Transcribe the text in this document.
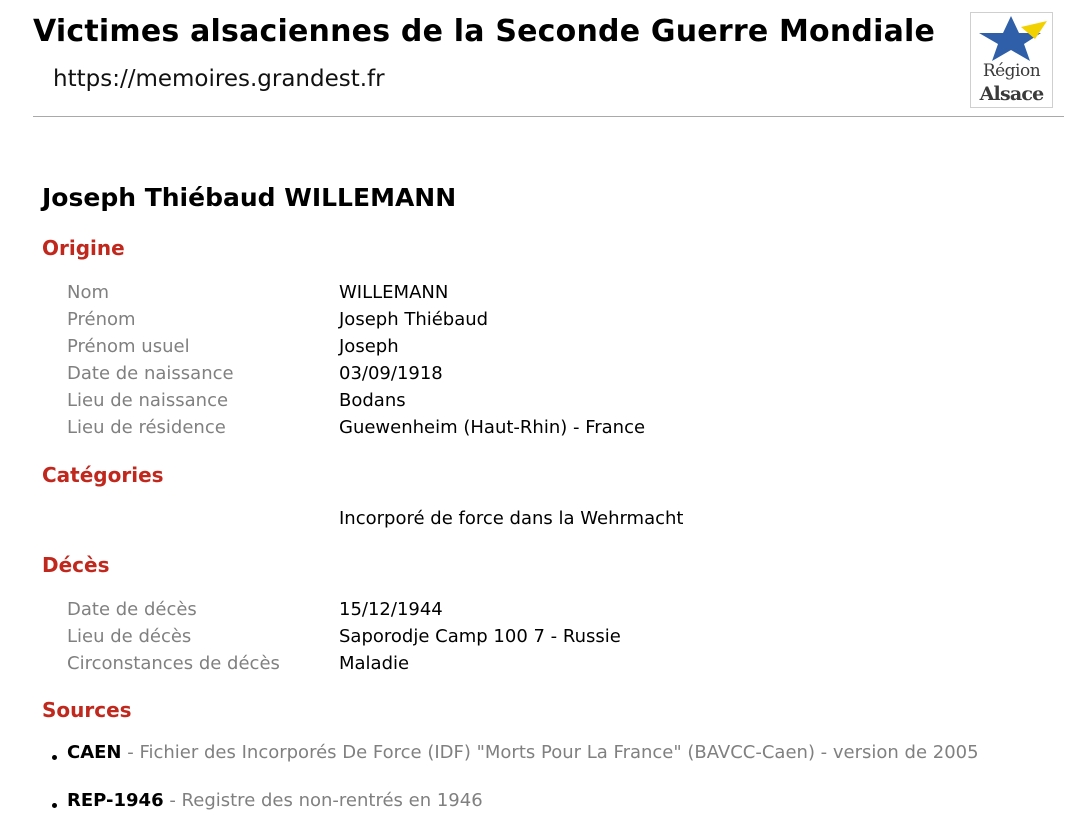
Victimes alsaciennes de la Seconde Guerre Mondiale
https://memoires.grandest.fr	Région
Alsace
Joseph Thiébaud WILLEMANN
Origine
Nom	WILLEMANN
Prénom	Joseph Thiébaud
Prénom usuel	Joseph
Date de naissance	03/09/1918
Lieu de naissance	Bodans
Lieu de résidence	Guewenheim (Haut-Rhin) - France
Catégories
Incorporé de force dans la Wehrmacht
Décès
Date de décès	15/12/1944
Lieu de décès	Saporodje Camp 100 7 - Russie
Circonstances de décès	Maladie
Sources
CAEN - Fichier des Incorporés De Force (IDF) "Morts Pour La France" (BAVCC-Caen) - version de 2005
REP-1946 - Registre des non-rentrés en 1946
